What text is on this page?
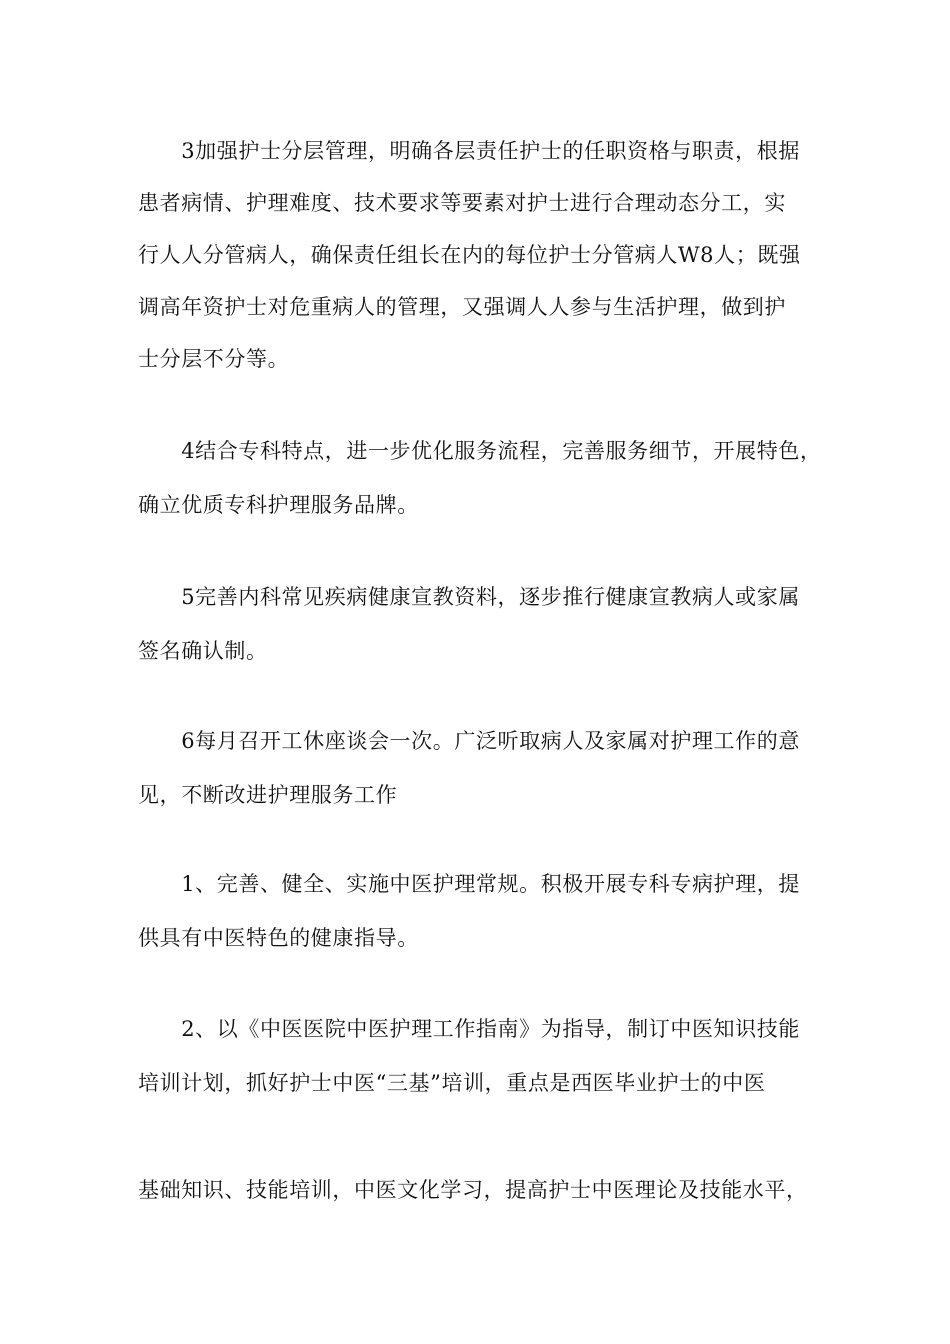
　　3加强护士分层管理，明确各层责任护士的任职资格与职责，根据
患者病情、护理难度、技术要求等要素对护士进行合理动态分工，实
行人人分管病人，确保责任组长在内的每位护士分管病人W8人；既强
调高年资护士对危重病人的管理，又强调人人参与生活护理，做到护
士分层不分等。
　　4结合专科特点，进一步优化服务流程，完善服务细节，开展特色，
确立优质专科护理服务品牌。
　　5完善内科常见疾病健康宣教资料，逐步推行健康宣教病人或家属
签名确认制。
　　6每月召开工休座谈会一次。广泛听取病人及家属对护理工作的意
见，不断改进护理服务工作
　　1、完善、健全、实施中医护理常规。积极开展专科专病护理，提
供具有中医特色的健康指导。
　　2、以《中医医院中医护理工作指南》为指导，制订中医知识技能
培训计划，抓好护士中医“三基”培训，重点是西医毕业护士的中医
基础知识、技能培训，中医文化学习，提高护士中医理论及技能水平，
